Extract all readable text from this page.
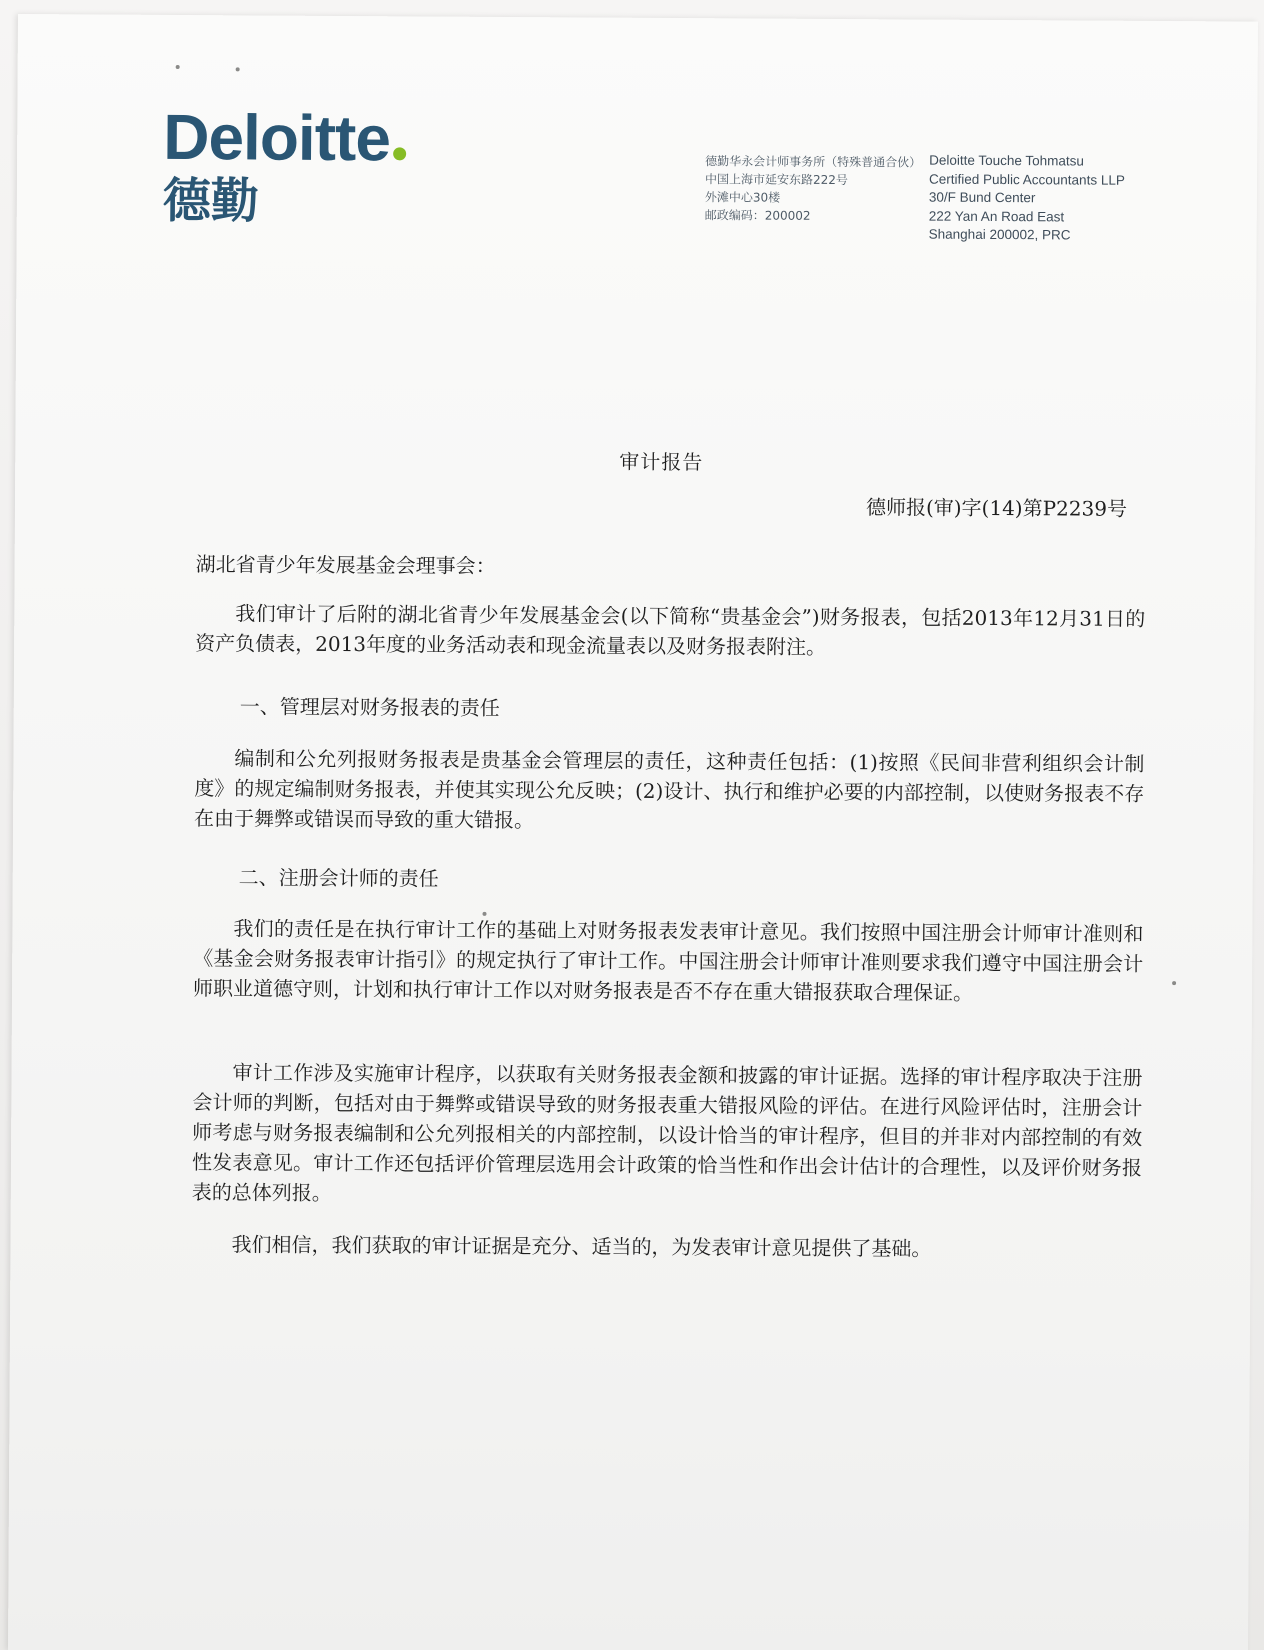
Deloitte
德勤
德勤华永会计师事务所（特殊普通合伙）
中国上海市延安东路222号
外滩中心30楼
邮政编码：200002
Deloitte Touche Tohmatsu
Certified Public Accountants LLP
30/F Bund Center
222 Yan An Road East
Shanghai 200002, PRC
审计报告
德师报(审)字(14)第P2239号
湖北省青少年发展基金会理事会：
我们审计了后附的湖北省青少年发展基金会(以下简称“贵基金会”)财务报表，包括2013年12月31日的资产负债表，2013年度的业务活动表和现金流量表以及财务报表附注。
一、管理层对财务报表的责任
编制和公允列报财务报表是贵基金会管理层的责任，这种责任包括：(1)按照《民间非营利组织会计制度》的规定编制财务报表，并使其实现公允反映；(2)设计、执行和维护必要的内部控制，以使财务报表不存在由于舞弊或错误而导致的重大错报。
二、注册会计师的责任
我们的责任是在执行审计工作的基础上对财务报表发表审计意见。我们按照中国注册会计师审计准则和《基金会财务报表审计指引》的规定执行了审计工作。中国注册会计师审计准则要求我们遵守中国注册会计师职业道德守则，计划和执行审计工作以对财务报表是否不存在重大错报获取合理保证。
审计工作涉及实施审计程序，以获取有关财务报表金额和披露的审计证据。选择的审计程序取决于注册会计师的判断，包括对由于舞弊或错误导致的财务报表重大错报风险的评估。在进行风险评估时，注册会计师考虑与财务报表编制和公允列报相关的内部控制，以设计恰当的审计程序，但目的并非对内部控制的有效性发表意见。审计工作还包括评价管理层选用会计政策的恰当性和作出会计估计的合理性，以及评价财务报表的总体列报。
我们相信，我们获取的审计证据是充分、适当的，为发表审计意见提供了基础。
